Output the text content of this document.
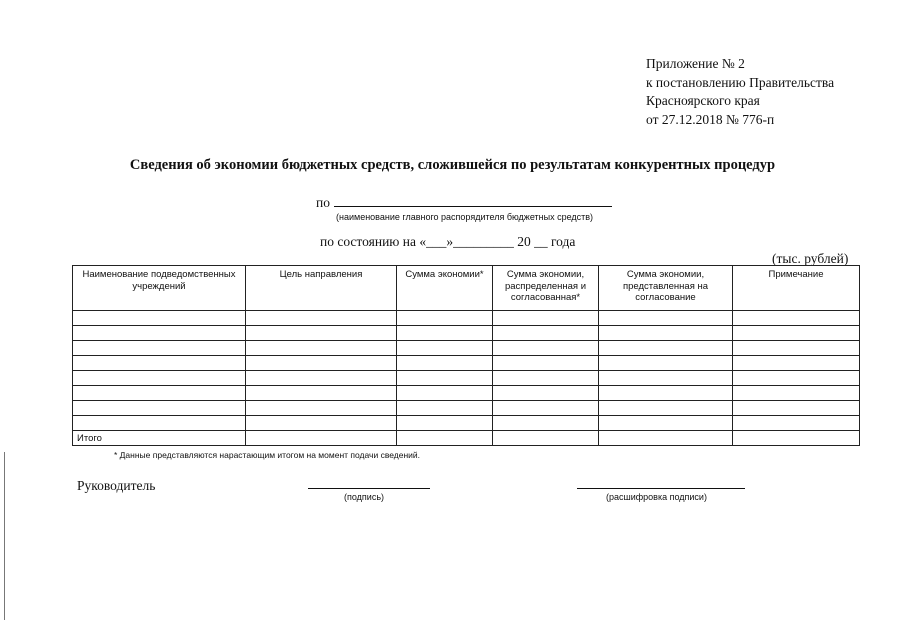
Приложение № 2
к постановлению Правительства
Красноярского края
от 27.12.2018 № 776-п
Сведения об экономии бюджетных средств, сложившейся по результатам конкурентных процедур
по
(наименование главного распорядителя бюджетных средств)
по состоянию на «___»_________ 20 __ года
(тыс. рублей)
Наименование подведомственных учреждений	Цель направления	Сумма экономии*	Сумма экономии, распределенная и согласованная*	Сумма экономии, представленная на согласование	Примечание

Итого					
* Данные представляются нарастающим итогом на момент подачи сведений.
Руководитель
(подпись)	(расшифровка подписи)
